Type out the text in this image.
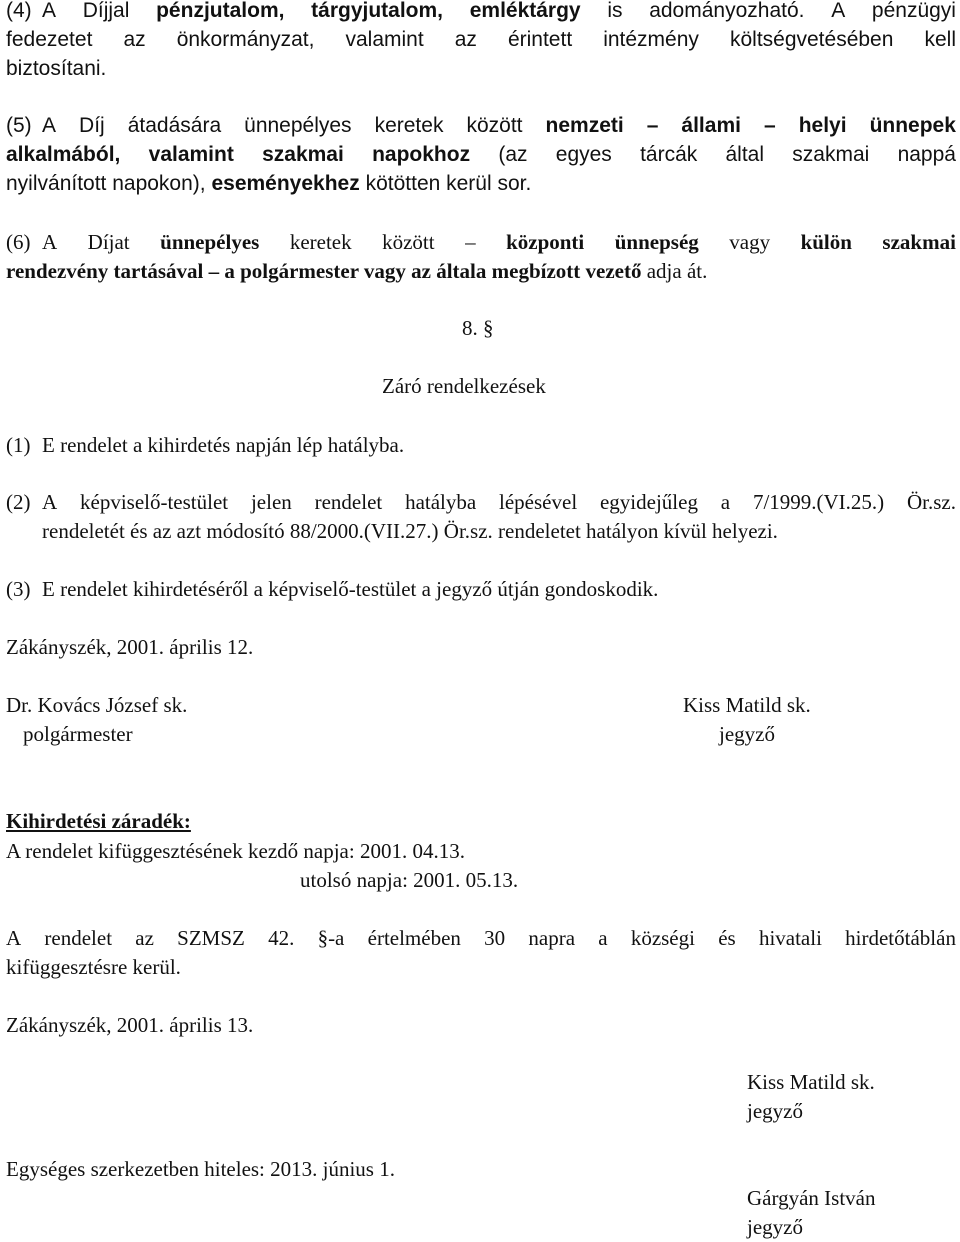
(4) A Díjjal pénzjutalom, tárgyjutalom, emléktárgy is adományozható. A pénzügyi
fedezetet az önkormányzat, valamint az érintett intézmény költségvetésében kell
biztosítani.
(5) A Díj átadására ünnepélyes keretek között nemzeti – állami – helyi ünnepek
alkalmából, valamint szakmai napokhoz (az egyes tárcák által szakmai nappá
nyilvánított napokon), eseményekhez kötötten kerül sor.
(6) A Díjat ünnepélyes keretek között – központi ünnepség vagy külön szakmai
rendezvény tartásával – a polgármester vagy az általa megbízott vezető adja át.
8. §
Záró rendelkezések
(1) E rendelet a kihirdetés napján lép hatályba.
(2) A képviselő-testület jelen rendelet hatályba lépésével egyidejűleg a 7/1999.(VI.25.) Ör.sz.
rendeletét és az azt módosító 88/2000.(VII.27.) Ör.sz. rendeletet hatályon kívül helyezi.
(3) E rendelet kihirdetéséről a képviselő-testület a jegyző útján gondoskodik.
Zákányszék, 2001. április 12.
Dr. Kovács József sk.
polgármester
Kiss Matild sk.
jegyző
Kihirdetési záradék:
A rendelet kifüggesztésének kezdő napja: 2001. 04.13.
utolsó napja: 2001. 05.13.
A rendelet az SZMSZ 42. §-a értelmében 30 napra a községi és hivatali hirdetőtáblán
kifüggesztésre kerül.
Zákányszék, 2001. április 13.
Kiss Matild sk.
jegyző
Egységes szerkezetben hiteles: 2013. június 1.
Gárgyán István
jegyző
